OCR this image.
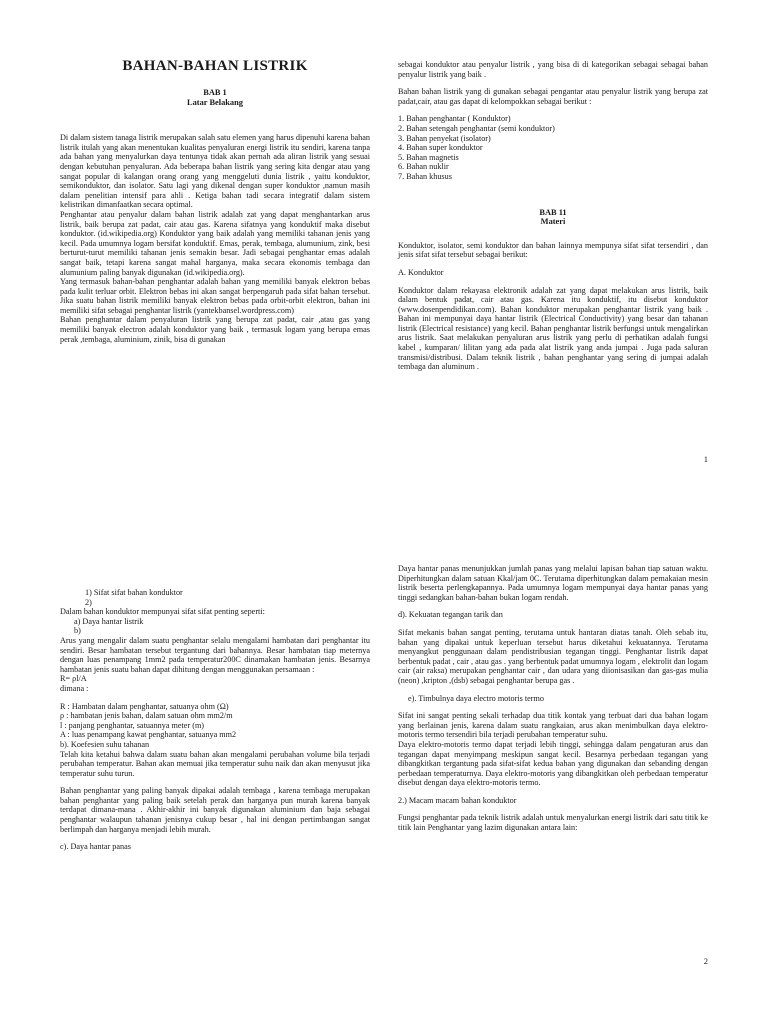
BAHAN-BAHAN LISTRIK
BAB 1
Latar Belakang

Di dalam sistem tanaga listrik merupakan salah satu elemen yang harus dipenuhi karena bahan listrik itulah yang akan menentukan kualitas penyaluran energi listrik itu sendiri, karena tanpa ada bahan yang menyalurkan daya tentunya tidak akan pernah ada aliran listrik yang sesuai dengan kebutuhan penyaluran. Ada beberapa bahan listrik yang sering kita dengar atau yang sangat popular di kalangan orang orang yang menggeluti dunia listrik , yaitu konduktor, semikonduktor, dan isolator. Satu lagi yang dikenal dengan super konduktor ,namun masih dalam penelitian intensif para ahli . Ketiga bahan tadi secara integratif dalam sistem kelistrikan dimanfaatkan secara optimal.

Penghantar atau penyalur dalam bahan listrik adalah zat yang dapat menghantarkan arus listrik, baik berupa zat padat, cair atau gas. Karena sifatnya yang konduktif maka disebut konduktor. (id.wikipedia.org) Konduktor yang baik adalah yang memiliki tahanan jenis yang kecil. Pada umumnya logam bersifat konduktif. Emas, perak, tembaga, alumunium, zink, besi berturut-turut memiliki tahanan jenis semakin besar. Jadi sebagai penghantar emas adalah sangat baik, tetapi karena sangat mahal harganya, maka secara ekonomis tembaga dan alumunium paling banyak digunakan (id.wikipedia.org).

Yang termasuk bahan-bahan penghantar adalah bahan yang memiliki banyak elektron bebas pada kulit terluar orbit. Elektron bebas ini akan sangat berpengaruh pada sifat bahan tersebut. Jika suatu bahan listrik memiliki banyak elektron bebas pada orbit-orbit elektron, bahan ini memiliki sifat sebagai penghantar listrik (yantekbansel.wordpress.com)

Bahan penghantar dalam penyaluran listrik yang berupa zat padat, cair ,atau gas yang memiliki banyak electron adalah konduktor yang baik , termasuk logam yang berupa emas perak ,tembaga, aluminium, zinik, bisa di gunakan

sebagai konduktor atau penyalur listrik , yang bisa di di kategorikan sebagai sebagai bahan penyalur listrik yang baik .

Bahan bahan listrik yang di gunakan sebagai pengantar atau penyalur listrik yang berupa zat padat,cair, atau gas dapat di kelompokkan sebagai berikut :

1. Bahan penghantar ( Konduktor)
2. Bahan setengah penghantar (semi konduktor)
3. Bahan penyekat (isolator)
4. Bahan super konduktor
5. Bahan magnetis
6. Bahan nuklir
7. Bahan khusus
BAB 11
Materi

Konduktor, isolator, semi konduktor dan bahan lainnya mempunya sifat sifat tersendiri , dan jenis sifat sifat tersebut sebagai berikut:

A. Konduktor

Konduktor dalam rekayasa elektronik adalah zat yang dapat melakukan arus listrik, baik dalam bentuk padat, cair atau gas. Karena itu konduktif, itu disebut konduktor (www.dosenpendidikan.com). Bahan konduktor merupakan penghantar listrik yang baik . Bahan ini mempunyai daya hantar listrik (Electrical Conductivity) yang besar dan tahanan listrik (Electrical resistance) yang kecil. Bahan penghantar listrik berfungsi untuk mengalirkan arus listrik. Saat melakukan penyaluran arus listrik yang perlu di perhatikan adalah fungsi kabel , kumparan/ lilitan yang ada pada alat listrik yang anda jumpai . Juga pada saluran transmisi/distribusi. Dalam teknik listrik , bahan penghantar yang sering di jumpai adalah tembaga dan aluminum .

1

1) Sifat sifat bahan konduktor

2)

Dalam bahan konduktor mempunyai sifat sifat penting seperti:

a) Daya hantar listrik

b)

Arus yang mengalir dalam suatu penghantar selalu mengalami hambatan dari penghantar itu sendiri. Besar hambatan tersebut tergantung dari bahannya. Besar hambatan tiap meternya dengan luas penampang 1mm2 pada temperatur200C dinamakan hambatan jenis. Besarnya hambatan jenis suatu bahan dapat dihitung dengan menggunakan persamaan :

R= ρl/A

dimana :

R : Hambatan dalam penghantar, satuanya ohm (Ω)

ρ : hambatan jenis bahan, dalam satuan ohm mm2/m

l : panjang penghantar, satuannya meter (m)

A : luas penampang kawat penghantar, satuanya mm2

b). Koefesien suhu tahanan

Telah kita ketahui bahwa dalam suatu bahan akan mengalami perubahan volume bila terjadi perubahan temperatur. Bahan akan memuai jika temperatur suhu naik dan akan menyusut jika temperatur suhu turun.

Bahan penghantar yang paling banyak dipakai adalah tembaga , karena tembaga merupakan bahan penghantar yang paling baik setelah perak dan harganya pun murah karena banyak terdapat dimana-mana . Akhir-akhir ini banyak digunakan aluminium dan baja sebagai penghantar walaupun tahanan jenisnya cukup besar , hal ini dengan pertimbangan sangat berlimpah dan harganya menjadi lebih murah.

c). Daya hantar panas

Daya hantar panas menunjukkan jumlah panas yang melalui lapisan bahan tiap satuan waktu. Diperhitungkan dalam satuan Kkal/jam 0C. Terutama diperhitungkan dalam pemakaian mesin listrik beserta perlengkapannya. Pada umumnya logam mempunyai daya hantar panas yang tinggi sedangkan bahan-bahan bukan logam rendah.

d). Kekuatan tegangan tarik dan

Sifat mekanis bahan sangat penting, terutama untuk hantaran diatas tanah. Oleh sebab itu, bahan yang dipakai untuk keperluan tersebut harus diketahui kekuatannya. Terutama menyangkut penggunaan dalam pendistribusian tegangan tinggi. Penghantar listrik dapat berbentuk padat , cair , atau gas . yang berbentuk padat umumnya logam , elektrolit dan logam cair (air raksa) merupakan penghantar cair , dan udara yang diionisasikan dan gas-gas mulia (neon) ,kripton ,(dsb) sebagai penghantar berupa gas .

e). Timbulnya daya electro motoris termo

Sifat ini sangat penting sekali terhadap dua titik kontak yang terbuat dari dua bahan logam yang berlainan jenis, karena dalam suatu rangkaian, arus akan menimbulkan daya elektro-motoris termo tersendiri bila terjadi perubahan temperatur suhu.

Daya elektro-motoris termo dapat terjadi lebih tinggi, sehingga dalam pengaturan arus dan tegangan dapat menyimpang meskipun sangat kecil. Besarnya perbedaan tegangan yang dibangkitkan tergantung pada sifat-sifat kedua bahan yang digunakan dan sebanding dengan perbedaan temperaturnya. Daya elektro-motoris yang dibangkitkan oleh perbedaan temperatur disebut dengan daya elektro-motoris termo.

2.) Macam macam bahan konduktor

Fungsi penghantar pada teknik listrik adalah untuk menyalurkan energi listrik dari satu titik ke titik lain Penghantar yang lazim digunakan antara lain:

2
